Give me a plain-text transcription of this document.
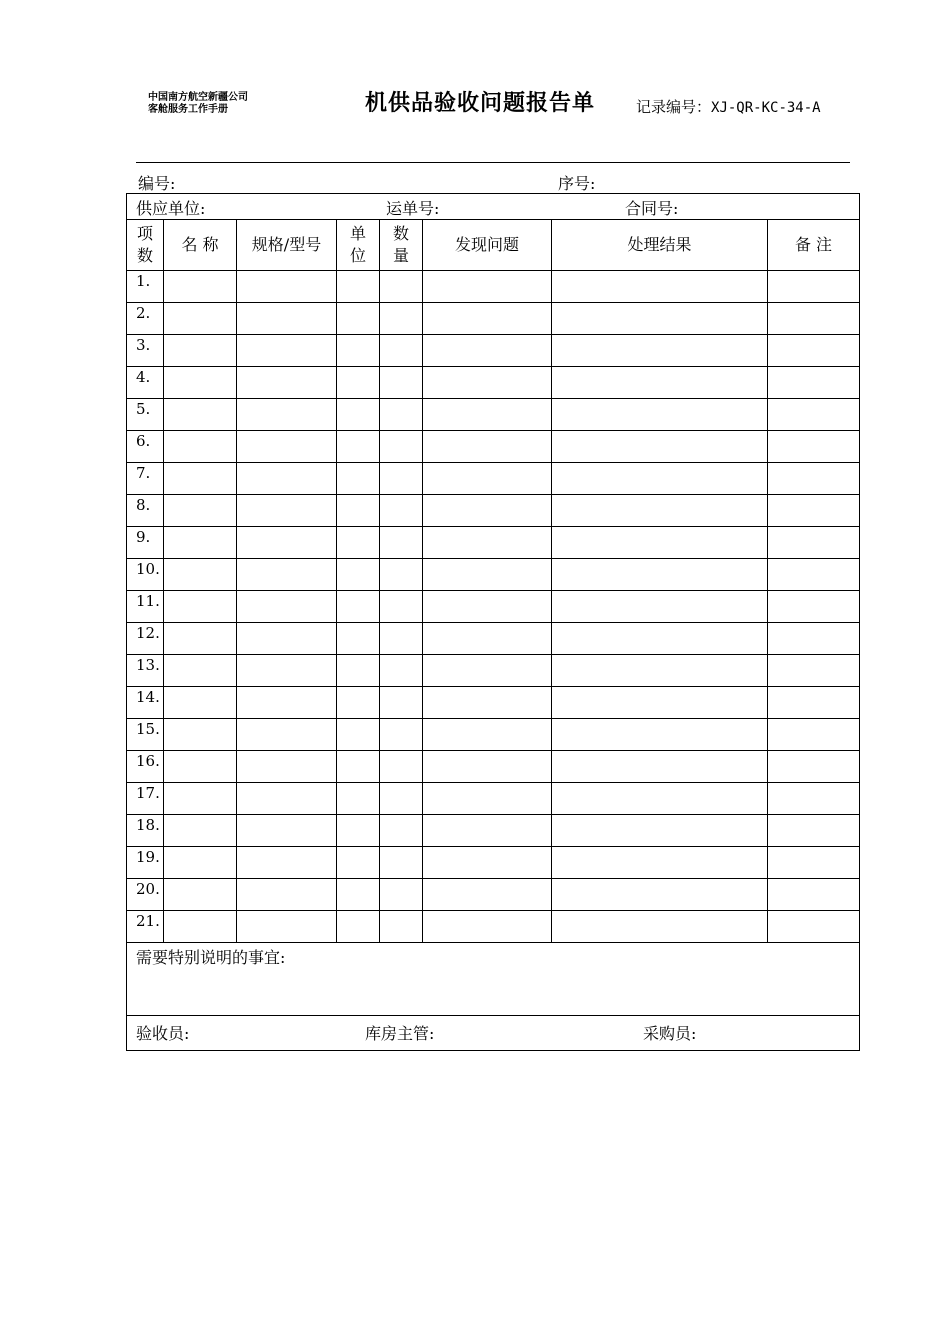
中国南方航空新疆公司
客舱服务工作手册	机供品验收问题报告单	记录编号：XJ-QR-KC-34-A
编号:	序号:
供应单位: 运单号: 合同号:							

项数	名 称	规格/型号	单位	数量	发现问题	处理结果	备 注
1.							
2.							
3.							
4.							
5.							
6.							
7.							
8.							
9.							
10.							
11.							
12.							
13.							
14.							
15.							
16.							
17.							
18.							
19.							
20.							
21.							
需要特别说明的事宜:							

验收员: 库房主管: 采购员:							
